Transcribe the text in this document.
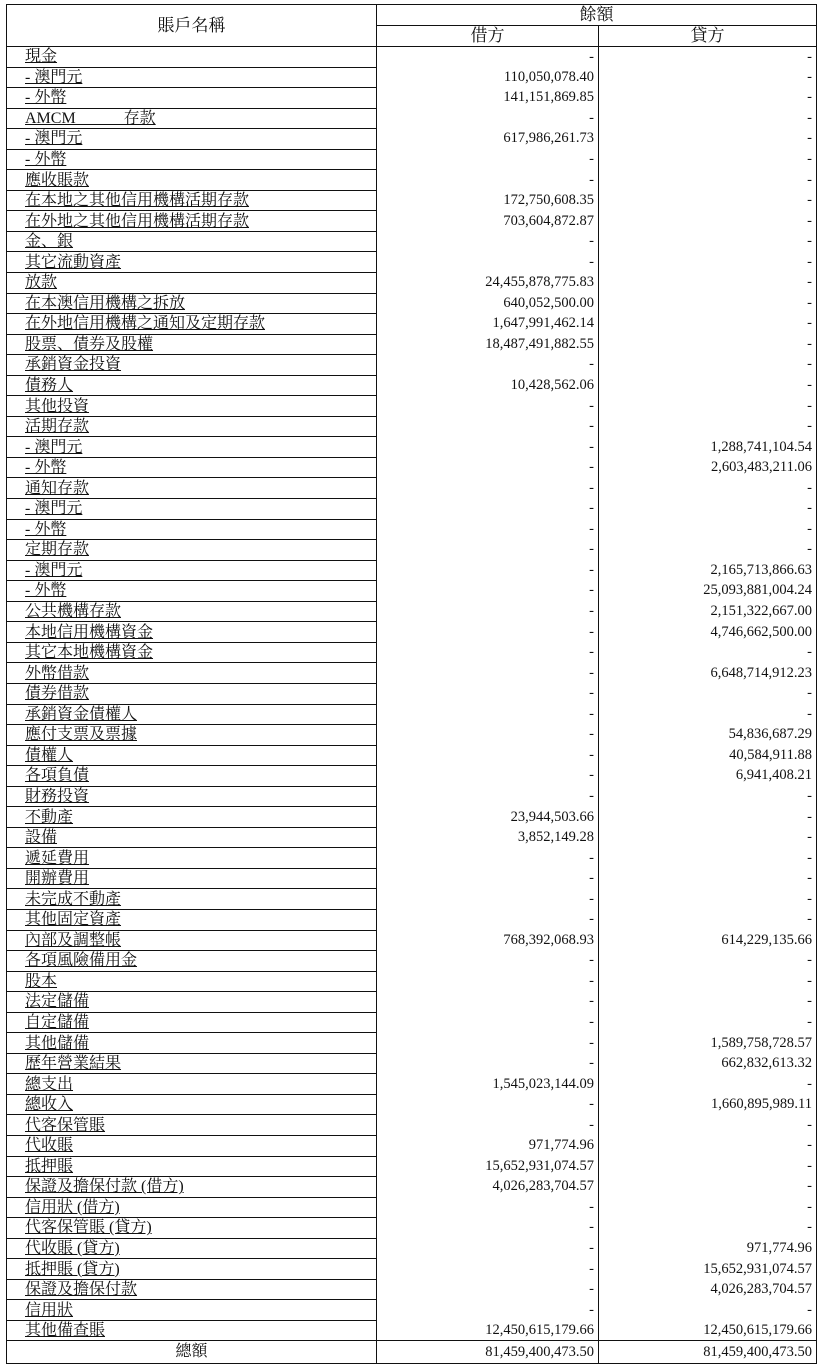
賬戶名稱	餘額	
	借方	貸方
現金	-	-
- 澳門元	110,050,078.40	-
- 外幣	141,151,869.85	-
AMCM　　　存款	-	-
- 澳門元	617,986,261.73	-
- 外幣	-	-
應收賬款	-	-
在本地之其他信用機構活期存款	172,750,608.35	-
在外地之其他信用機構活期存款	703,604,872.87	-
金、銀	-	-
其它流動資產	-	-
放款	24,455,878,775.83	-
在本澳信用機構之拆放	640,052,500.00	-
在外地信用機構之通知及定期存款	1,647,991,462.14	-
股票、債券及股權	18,487,491,882.55	-
承銷資金投資	-	-
債務人	10,428,562.06	-
其他投資	-	-
活期存款	-	-
- 澳門元	-	1,288,741,104.54
- 外幣	-	2,603,483,211.06
通知存款	-	-
- 澳門元	-	-
- 外幣	-	-
定期存款	-	-
- 澳門元	-	2,165,713,866.63
- 外幣	-	25,093,881,004.24
公共機構存款	-	2,151,322,667.00
本地信用機構資金	-	4,746,662,500.00
其它本地機構資金	-	-
外幣借款	-	6,648,714,912.23
債券借款	-	-
承銷資金債權人	-	-
應付支票及票據	-	54,836,687.29
債權人	-	40,584,911.88
各項負債	-	6,941,408.21
財務投資	-	-
不動產	23,944,503.66	-
設備	3,852,149.28	-
遞延費用	-	-
開辦費用	-	-
未完成不動產	-	-
其他固定資產	-	-
內部及調整帳	768,392,068.93	614,229,135.66
各項風險備用金	-	-
股本	-	-
法定儲備	-	-
自定儲備	-	-
其他儲備	-	1,589,758,728.57
歷年營業結果	-	662,832,613.32
總支出	1,545,023,144.09	-
總收入	-	1,660,895,989.11
代客保管賬	-	-
代收賬	971,774.96	-
抵押賬	15,652,931,074.57	-
保證及擔保付款 (借方)	4,026,283,704.57	-
信用狀 (借方)	-	-
代客保管賬 (貸方)	-	-
代收賬 (貸方)	-	971,774.96
抵押賬 (貸方)	-	15,652,931,074.57
保證及擔保付款	-	4,026,283,704.57
信用狀	-	-
其他備查賬	12,450,615,179.66	12,450,615,179.66
總額	81,459,400,473.50	81,459,400,473.50
